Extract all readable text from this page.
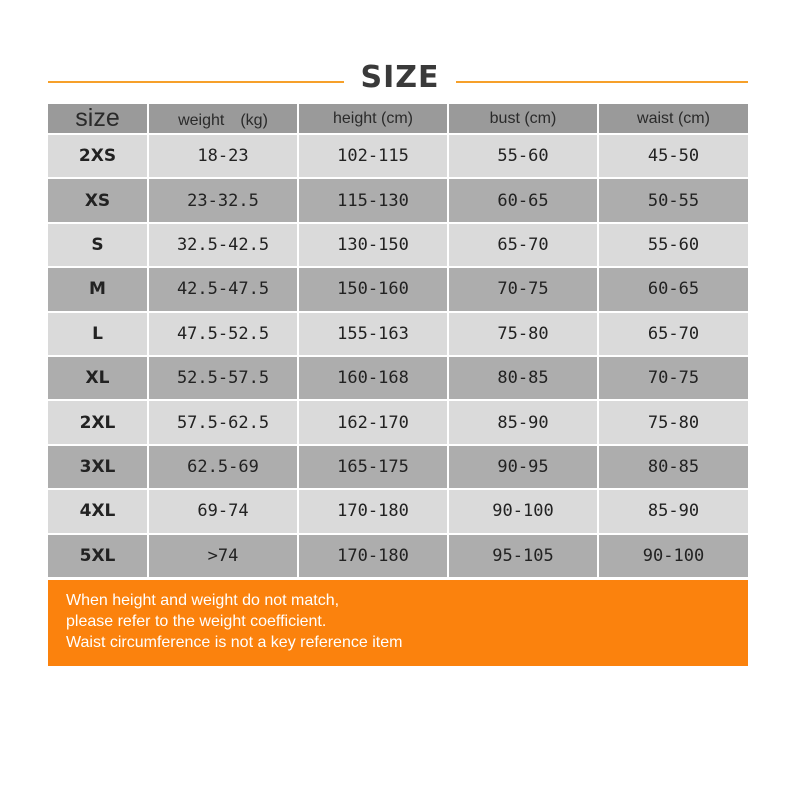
SIZE
size	weight　(kg)	height (cm)	bust (cm)	waist (cm)
2XS	18-23	102-115	55-60	45-50
XS	23-32.5	115-130	60-65	50-55
S	32.5-42.5	130-150	65-70	55-60
M	42.5-47.5	150-160	70-75	60-65
L	47.5-52.5	155-163	75-80	65-70
XL	52.5-57.5	160-168	80-85	70-75
2XL	57.5-62.5	162-170	85-90	75-80
3XL	62.5-69	165-175	90-95	80-85
4XL	69-74	170-180	90-100	85-90
5XL	>74	170-180	95-105	90-100
When height and weight do not match,
please refer to the weight coefficient.
Waist circumference is not a key reference item
